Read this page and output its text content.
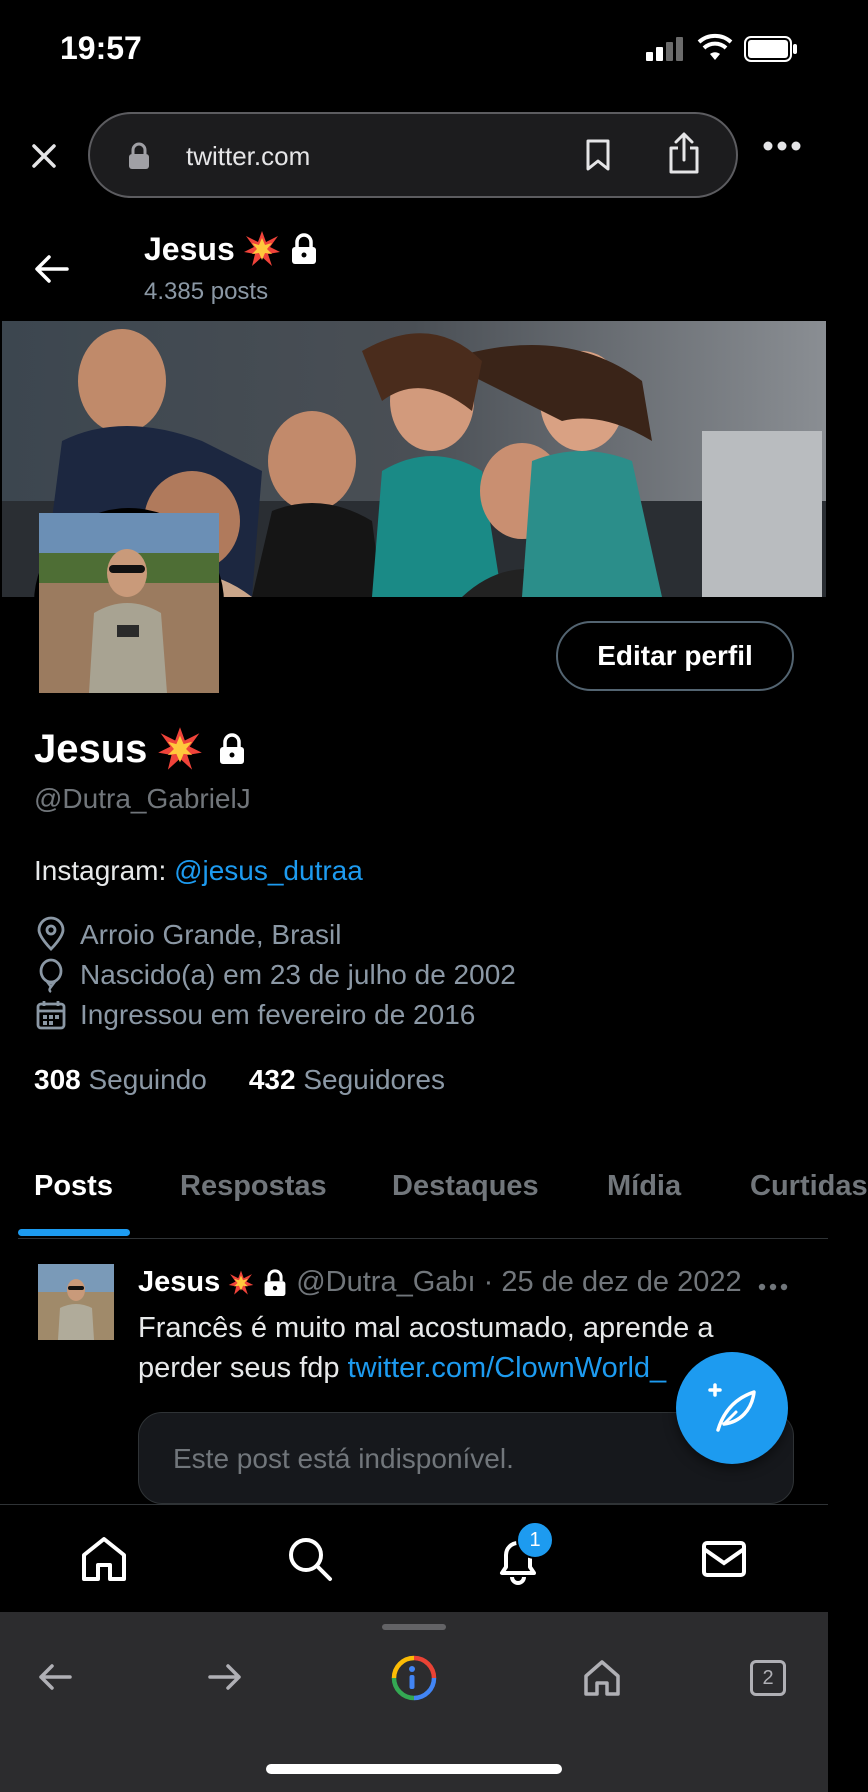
19:57
twitter.com
Jesus
4.385 posts
Editar perfil
Jesus
@Dutra_GabrielJ
Instagram: @jesus_dutraa
Arroio Grande, Brasil
Nascido(a) em 23 de julho de 2002
Ingressou em fevereiro de 2016
308 Seguindo 432 Seguidores
Posts Respostas Destaques Mídia Curtidas
Jesus	@Dutra_Gabı · 25 de dez de 2022
Francês é muito mal acostumado, aprende a perder seus fdp twitter.com/ClownWorld_
Este post está indisponível.
1
2
